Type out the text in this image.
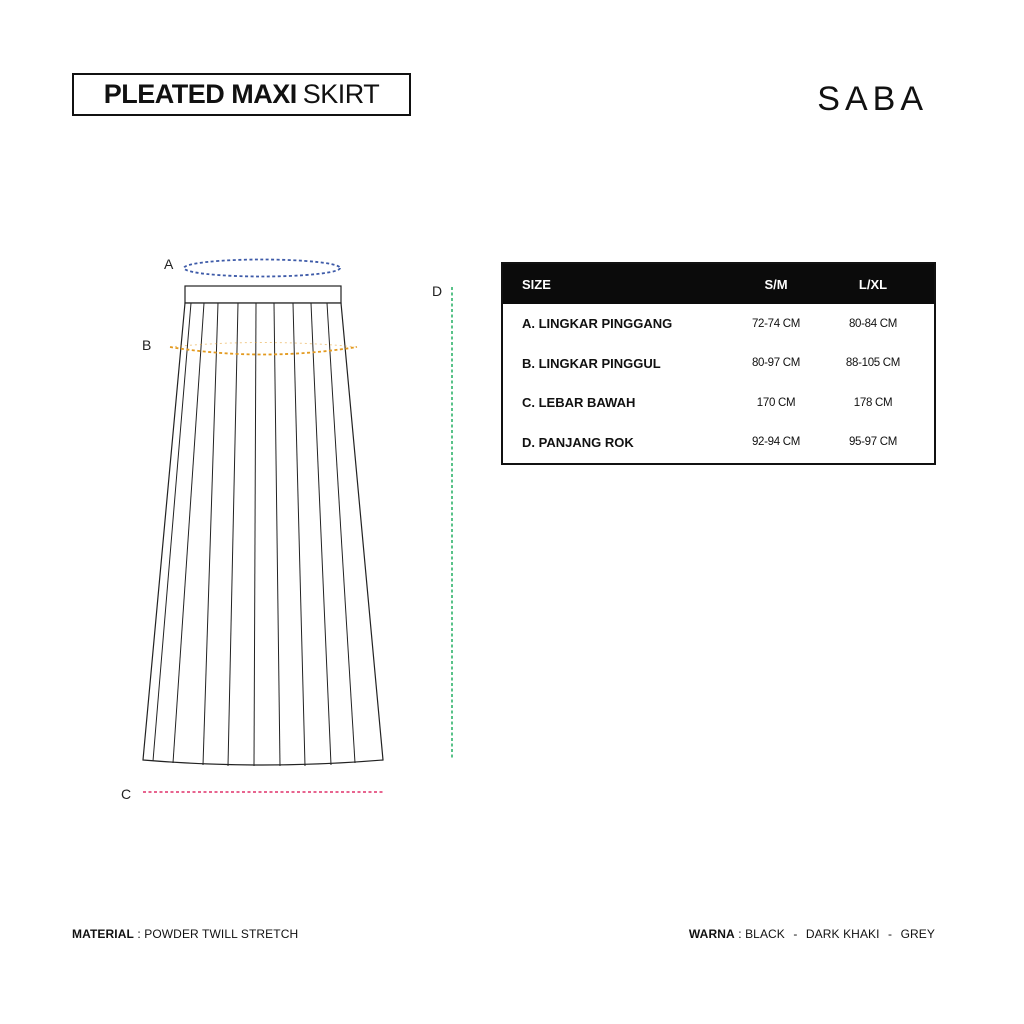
PLEATED MAXI SKIRT	SABA
A
B
C
D	SIZE	S/M	L/XL
A. LINGKAR PINGGANG	72-74 CM	80-84 CM
B. LINGKAR PINGGUL	80-97 CM	88-105 CM
C. LEBAR BAWAH	170 CM	178 CM
D. PANJANG ROK	92-94 CM	95-97 CM
MATERIAL : POWDER TWILL STRETCH	WARNA : BLACK - DARK KHAKI - GREY
